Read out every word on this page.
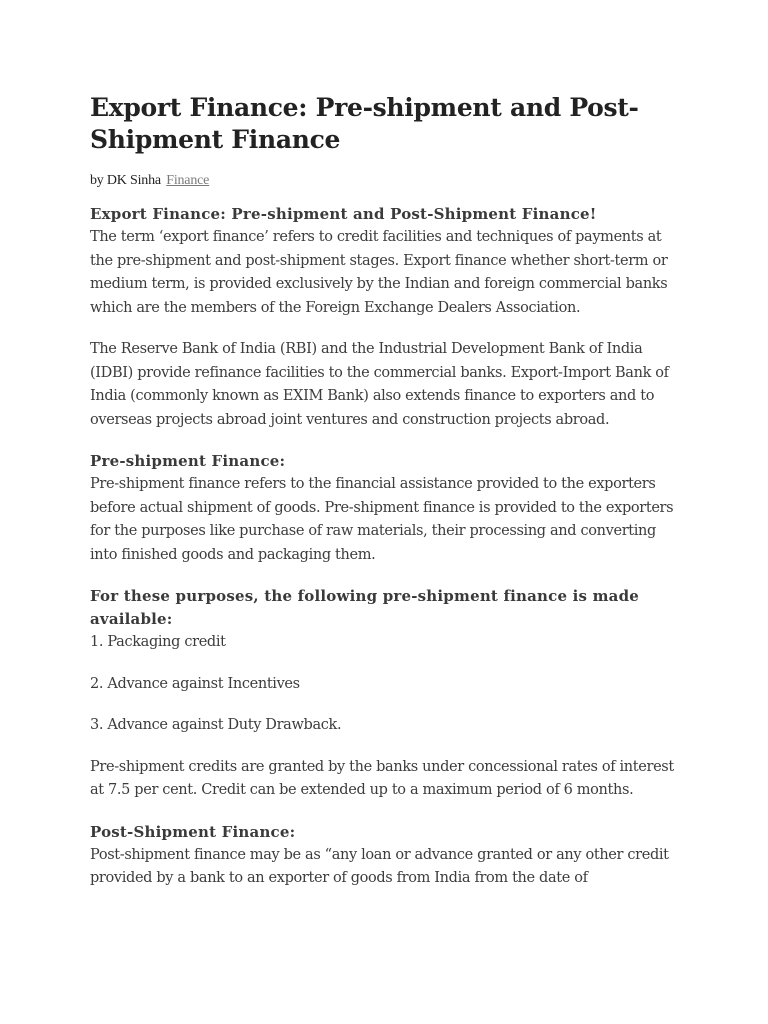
Export Finance: Pre-shipment and Post-Shipment Finance
by DK Sinha Finance
Export Finance: Pre-shipment and Post-Shipment Finance!

The term ‘export finance’ refers to credit facilities and techniques of payments at the pre-shipment and post-shipment stages. Export finance whether short-term or medium term, is provided exclusively by the Indian and foreign commercial banks which are the members of the Foreign Exchange Dealers Association.

The Reserve Bank of India (RBI) and the Industrial Development Bank of India (IDBI) provide refinance facilities to the commercial banks. Export-Import Bank of India (commonly known as EXIM Bank) also extends finance to exporters and to overseas projects abroad joint ventures and construction projects abroad.

Pre-shipment Finance:

Pre-shipment finance refers to the financial assistance provided to the exporters before actual shipment of goods. Pre-shipment finance is provided to the exporters for the purposes like purchase of raw materials, their processing and converting into finished goods and packaging them.

For these purposes, the following pre-shipment finance is made available:

1. Packaging credit

2. Advance against Incentives

3. Advance against Duty Drawback.

Pre-shipment credits are granted by the banks under concessional rates of interest at 7.5 per cent. Credit can be extended up to a maximum period of 6 months.

Post-Shipment Finance:

Post-shipment finance may be as “any loan or advance granted or any other credit provided by a bank to an exporter of goods from India from the date of
